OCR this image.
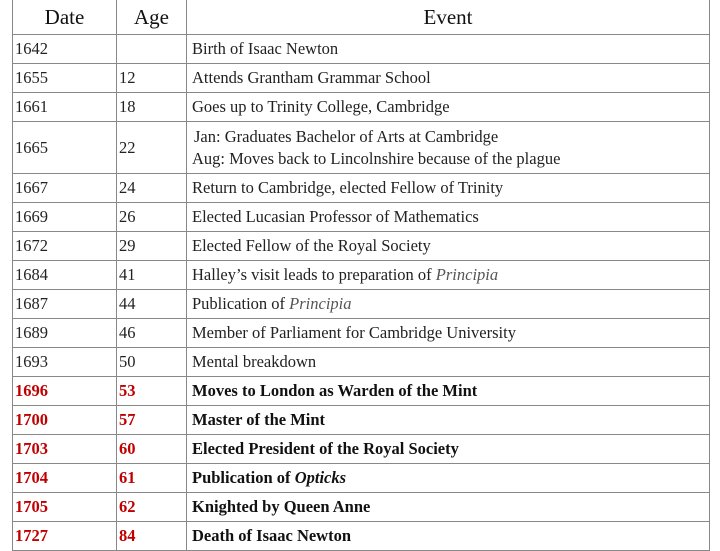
Date	Age	Event
1642		Birth of Isaac Newton
1655	12	Attends Grantham Grammar School
1661	18	Goes up to Trinity College, Cambridge
1665	22	Jan: Graduates Bachelor of Arts at Cambridge
Aug: Moves back to Lincolnshire because of the plague

1667	24	Return to Cambridge, elected Fellow of Trinity
1669	26	Elected Lucasian Professor of Mathematics
1672	29	Elected Fellow of the Royal Society
1684	41	Halley’s visit leads to preparation of Principia
1687	44	Publication of Principia
1689	46	Member of Parliament for Cambridge University
1693	50	Mental breakdown
1696	53	Moves to London as Warden of the Mint
1700	57	Master of the Mint
1703	60	Elected President of the Royal Society
1704	61	Publication of Opticks
1705	62	Knighted by Queen Anne
1727	84	Death of Isaac Newton
